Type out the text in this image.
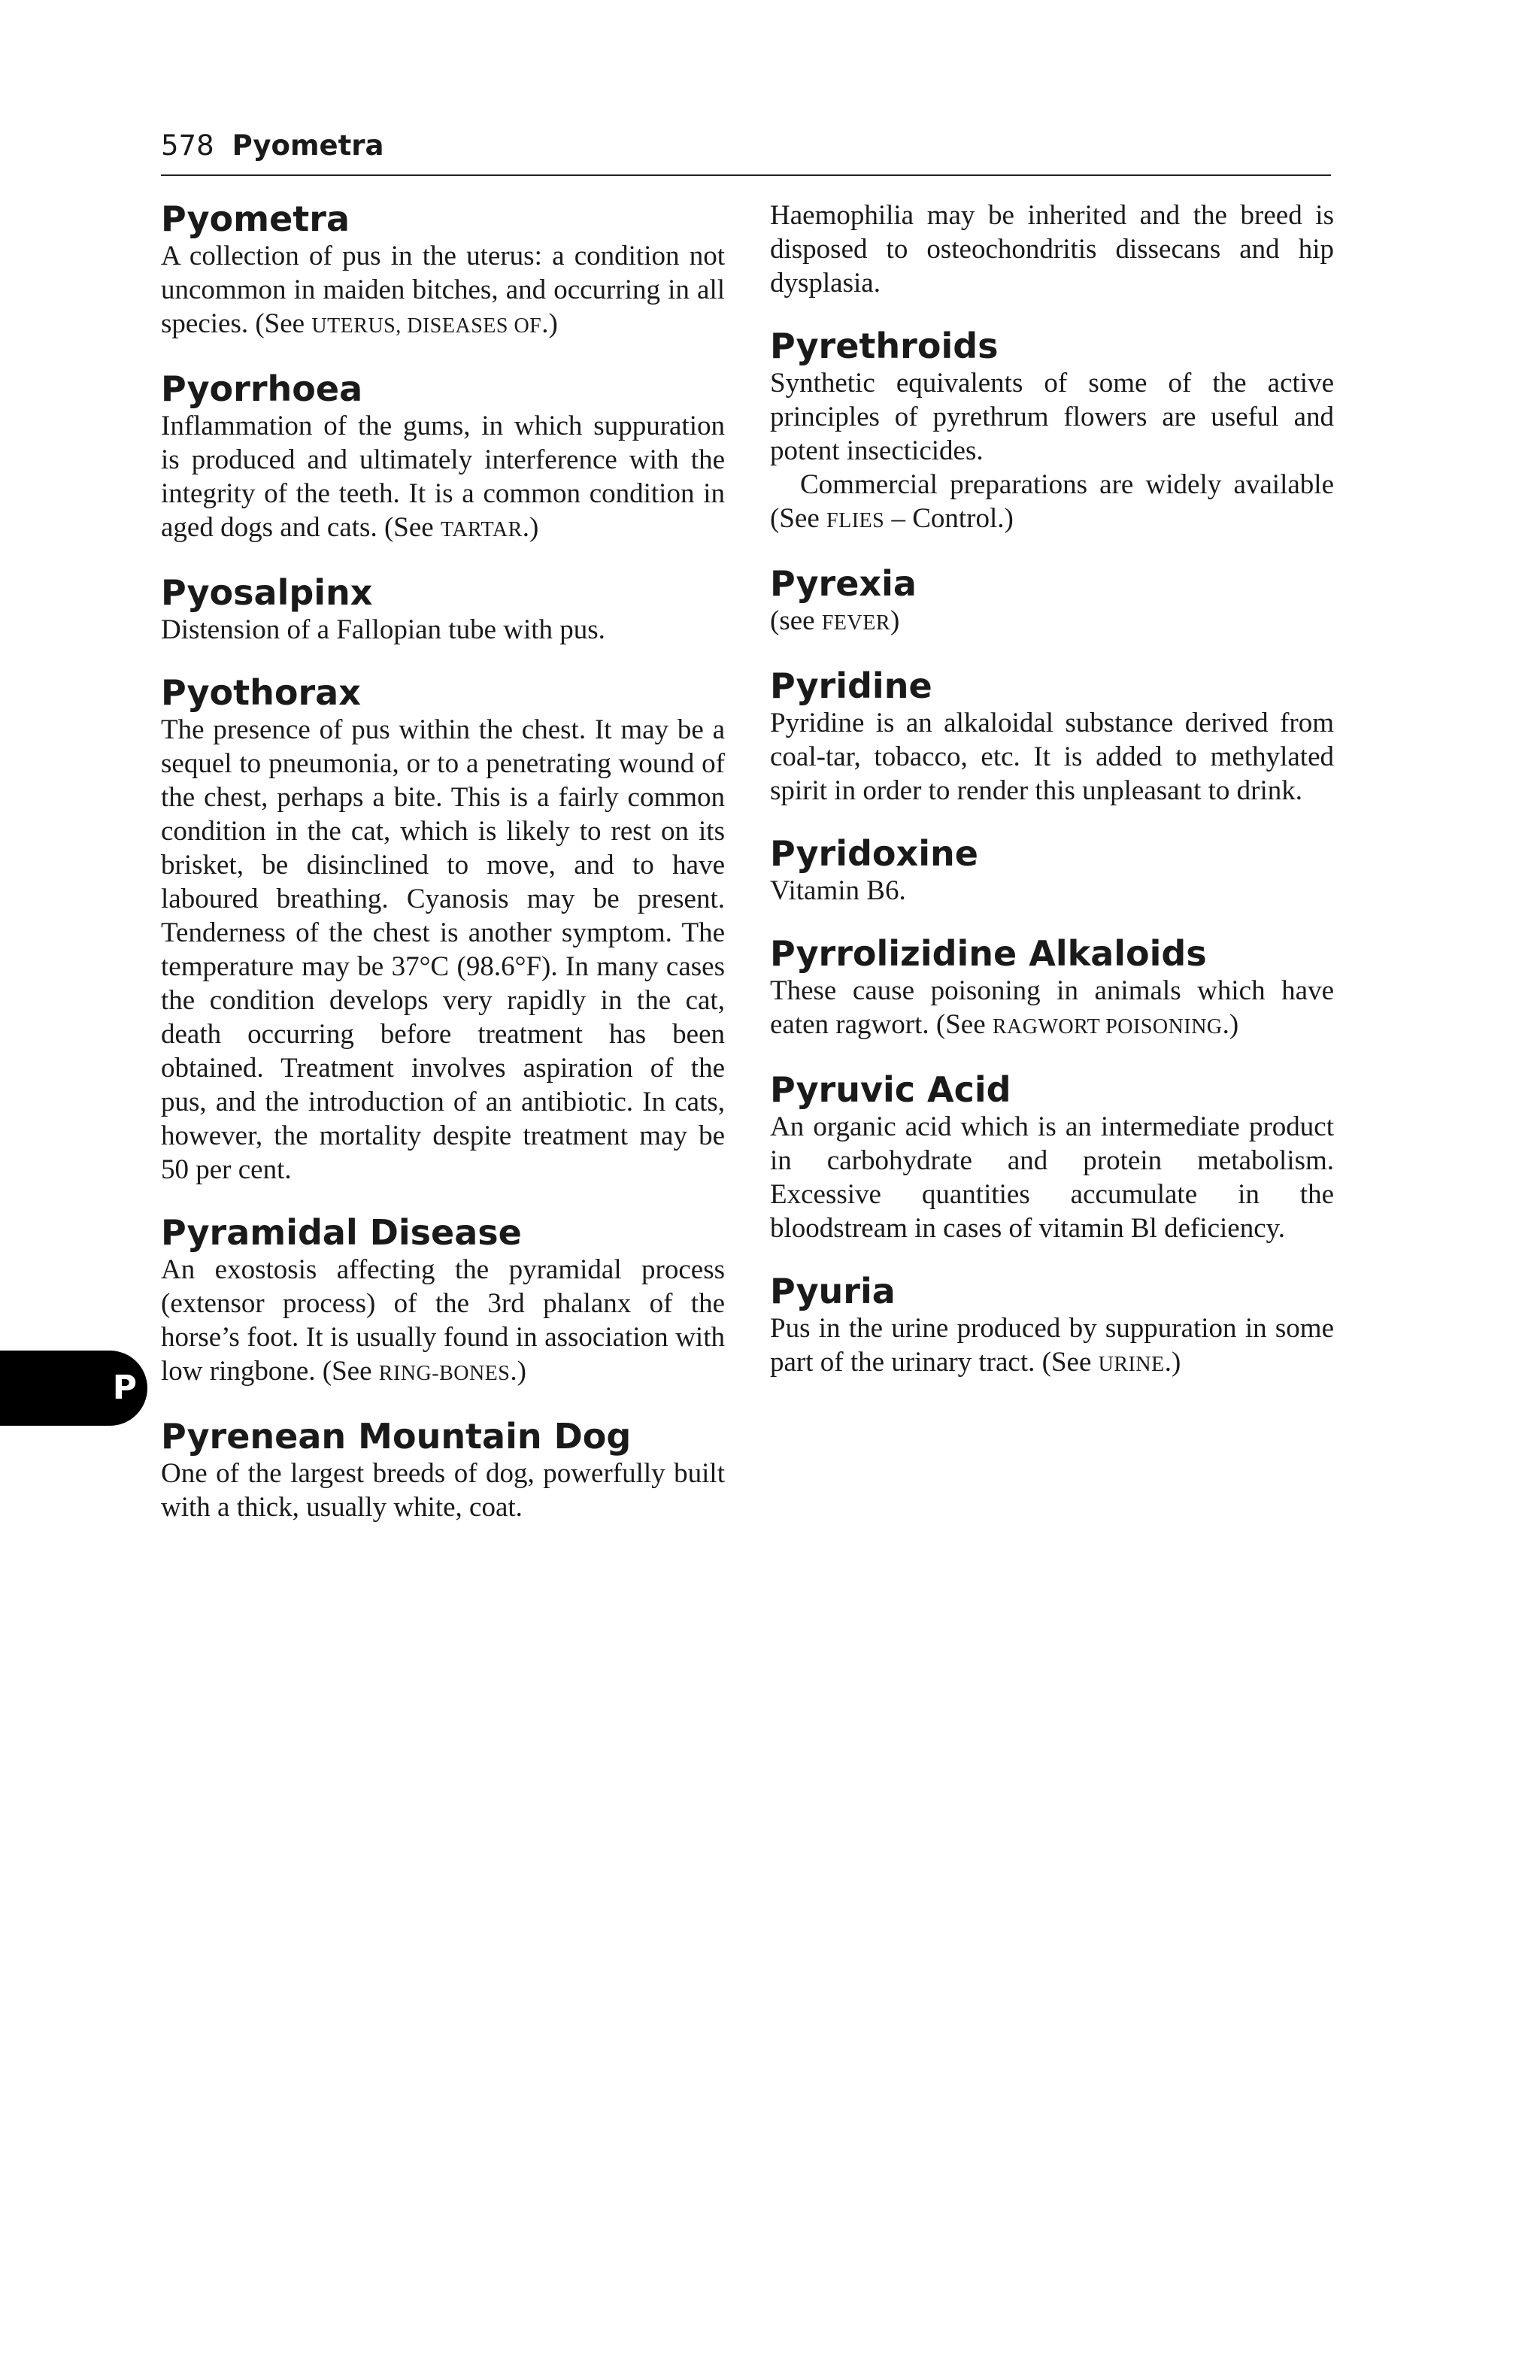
578 Pyometra
Pyometra

A collection of pus in the uterus: a condition not uncommon in maiden bitches, and occurring in all species. (See UTERUS, DISEASES OF.)

Pyorrhoea

Inflammation of the gums, in which suppuration is produced and ultimately interference with the integrity of the teeth. It is a common condition in aged dogs and cats. (See TARTAR.)

Pyosalpinx

Distension of a Fallopian tube with pus.

Pyothorax

The presence of pus within the chest. It may be a sequel to pneumonia, or to a penetrating wound of the chest, perhaps a bite. This is a fairly common condition in the cat, which is likely to rest on its brisket, be disinclined to move, and to have laboured breathing. Cyanosis may be present. Tenderness of the chest is another symptom. The temperature may be 37°C (98.6°F). In many cases the condition develops very rapidly in the cat, death occurring before treatment has been obtained. Treatment involves aspiration of the pus, and the introduction of an antibiotic. In cats, however, the mortality despite treatment may be 50 per cent.

Pyramidal Disease

An exostosis affecting the pyramidal process (extensor process) of the 3rd phalanx of the horse’s foot. It is usually found in association with low ringbone. (See RING-BONES.)

Pyrenean Mountain Dog

One of the largest breeds of dog, powerfully built with a thick, usually white, coat.

Haemophilia may be inherited and the breed is disposed to osteochondritis dissecans and hip dysplasia.

Pyrethroids

Synthetic equivalents of some of the active principles of pyrethrum flowers are useful and potent insecticides.

Commercial preparations are widely available (See FLIES – Control.)

Pyrexia

(see FEVER)

Pyridine

Pyridine is an alkaloidal substance derived from coal-tar, tobacco, etc. It is added to methylated spirit in order to render this unpleasant to drink.

Pyridoxine

Vitamin B6.

Pyrrolizidine Alkaloids

These cause poisoning in animals which have eaten ragwort. (See RAGWORT POISONING.)

Pyruvic Acid

An organic acid which is an intermediate product in carbohydrate and protein metabolism. Excessive quantities accumulate in the bloodstream in cases of vitamin Bl deficiency.

Pyuria

Pus in the urine produced by suppuration in some part of the urinary tract. (See URINE.)

P
